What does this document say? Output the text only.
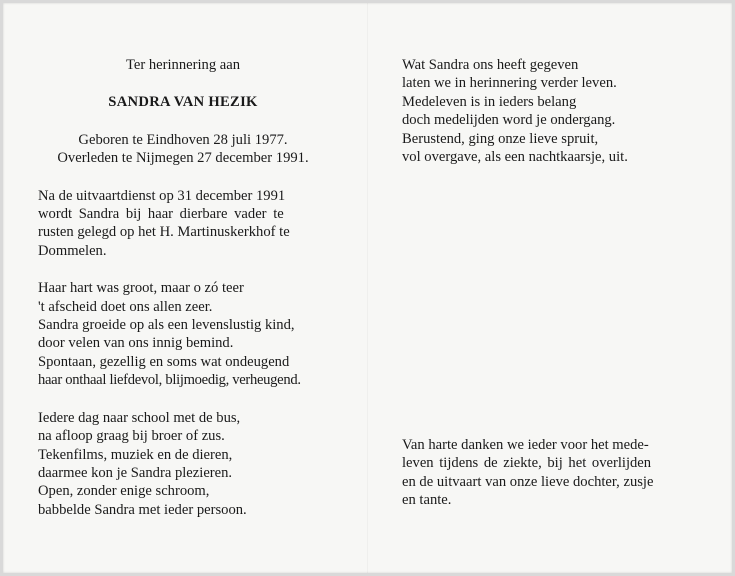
Ter herinnering aan
SANDRA VAN HEZIK
Geboren te Eindhoven 28 juli 1977.
Overleden te Nijmegen 27 december 1991.
Na de uitvaartdienst op 31 december 1991
wordt Sandra bij haar dierbare vader te
rusten gelegd op het H. Martinuskerkhof te
Dommelen.
Haar hart was groot, maar o zó teer
't afscheid doet ons allen zeer.
Sandra groeide op als een levenslustig kind,
door velen van ons innig bemind.
Spontaan, gezellig en soms wat ondeugend
haar onthaal liefdevol, blijmoedig, verheugend.
Iedere dag naar school met de bus,
na afloop graag bij broer of zus.
Tekenfilms, muziek en de dieren,
daarmee kon je Sandra plezieren.
Open, zonder enige schroom,
babbelde Sandra met ieder persoon.
Wat Sandra ons heeft gegeven
laten we in herinnering verder leven.
Medeleven is in ieders belang
doch medelijden word je ondergang.
Berustend, ging onze lieve spruit,
vol overgave, als een nachtkaarsje, uit.
Van harte danken we ieder voor het mede-
leven tijdens de ziekte, bij het overlijden
en de uitvaart van onze lieve dochter, zusje
en tante.
